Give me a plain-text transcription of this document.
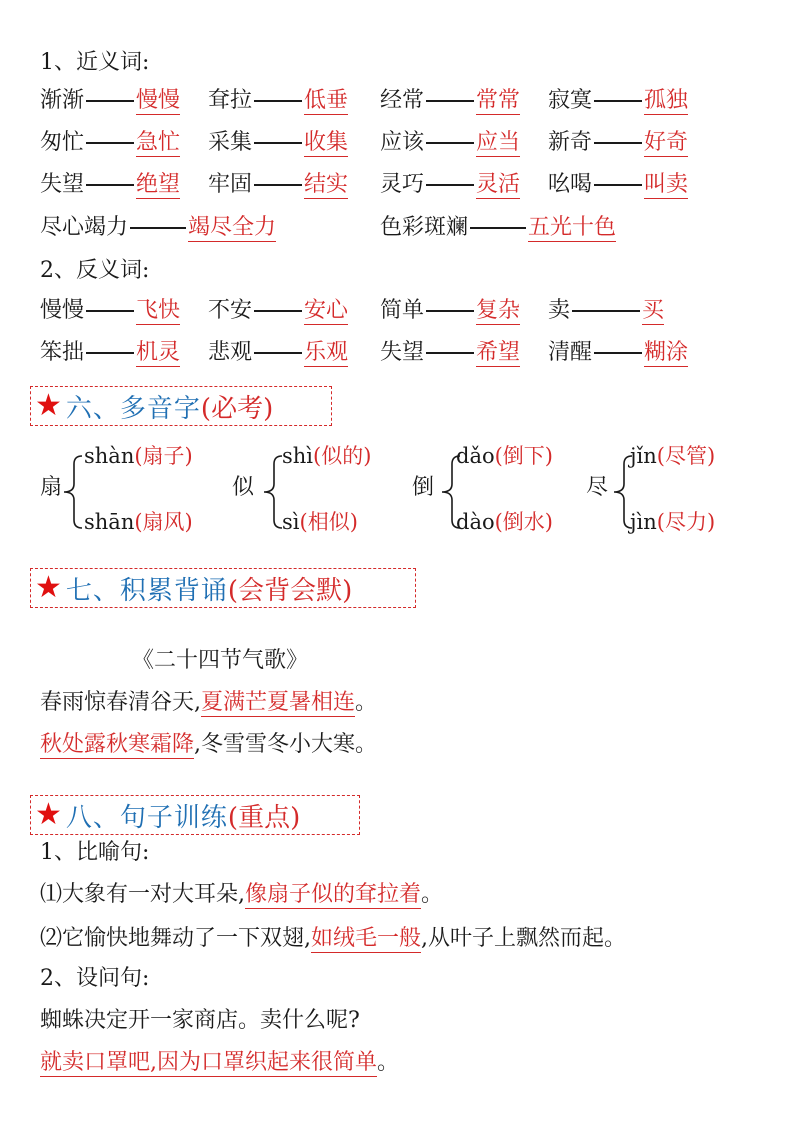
1、近义词:
渐渐 慢慢 耷拉 低垂 经常 常常 寂寞 孤独
匆忙 急忙 采集 收集 应该 应当 新奇 好奇
失望 绝望 牢固 结实 灵巧 灵活 吆喝 叫卖
尽心竭力	竭尽全力	色彩斑斓	五光十色
2、反义词:
慢慢 飞快 不安 安心 简单 复杂 卖	买
笨拙 机灵 悲观 乐观 失望 希望 清醒 糊涂
★ 六、多音字 (必考)
扇
shàn(扇子)
shān(扇风)
似
shì(似的)
sì(相似)
倒
dǎo(倒下)
dào(倒水)
尽
jǐn(尽管)
jìn(尽力)
★ 七、积累背诵 (会背会默)
《二十四节气歌》
春雨惊春清谷天,夏满芒夏暑相连。
秋处露秋寒霜降,冬雪雪冬小大寒。
★ 八、句子训练 (重点)
1、比喻句:
⑴大象有一对大耳朵,像扇子似的耷拉着。
⑵它愉快地舞动了一下双翅,如绒毛一般,从叶子上飘然而起。
2、设问句:
蜘蛛决定开一家商店。卖什么呢?
就卖口罩吧,因为口罩织起来很简单。
